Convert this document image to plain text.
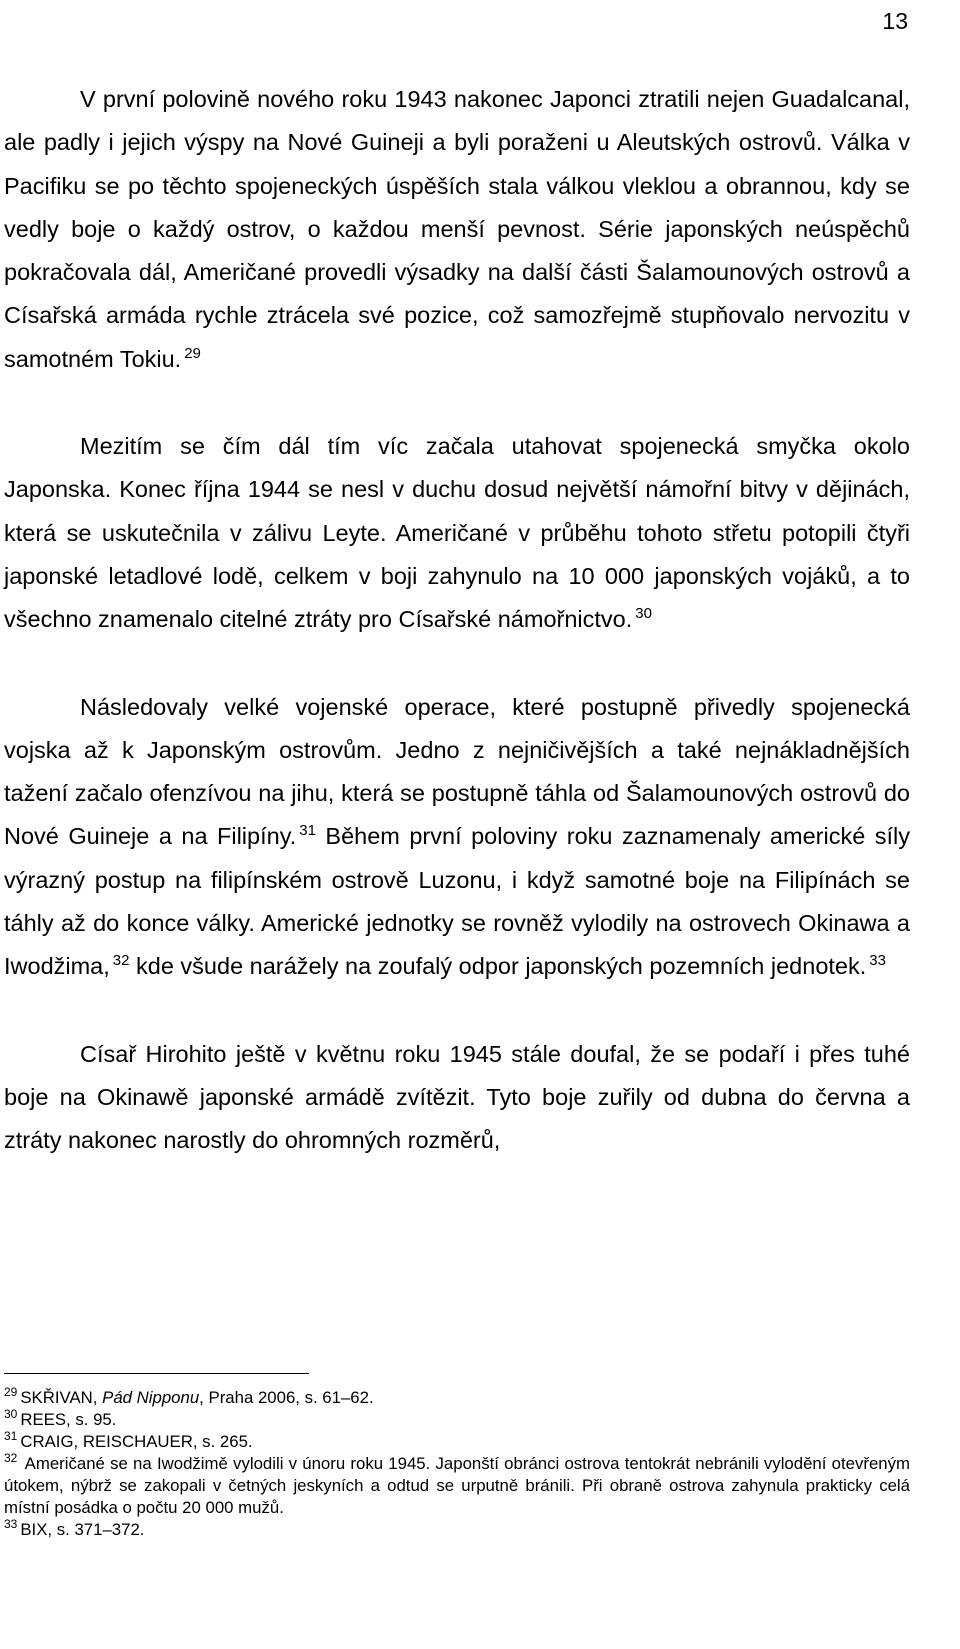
13

V první polovině nového roku 1943 nakonec Japonci ztratili nejen Guadalcanal, ale padly i jejich výspy na Nové Guineji a byli poraženi u Aleutských ostrovů. Válka v Pacifiku se po těchto spojeneckých úspěších stala válkou vleklou a obrannou, kdy se vedly boje o každý ostrov, o každou menší pevnost. Série japonských neúspěchů pokračovala dál, Američané provedli výsadky na další části Šalamounových ostrovů a Císařská armáda rychle ztrácela své pozice, což samozřejmě stupňovalo nervozitu v samotném Tokiu. $^{29}$

Mezitím se čím dál tím víc začala utahovat spojenecká smyčka okolo Japonska. Konec října 1944 se nesl v duchu dosud největší námořní bitvy v dějinách, která se uskutečnila v zálivu Leyte. Američané v průběhu tohoto střetu potopili čtyři japonské letadlové lodě, celkem v boji zahynulo na 10 000 japonských vojáků, a to všechno znamenalo citelné ztráty pro Císařské námořnictvo. $^{30}$

Následovaly velké vojenské operace, které postupně přivedly spojenecká vojska až k Japonským ostrovům. Jedno z nejničivějších a také nejnákladnějších tažení začalo ofenzívou na jihu, která se postupně táhla od Šalamounových ostrovů do Nové Guineje a na Filipíny. $^{31}$ Během první poloviny roku zaznamenaly americké síly výrazný postup na filipínském ostrově Luzonu, i když samotné boje na Filipínách se táhly až do konce války. Americké jednotky se rovněž vylodily na ostrovech Okinawa a Iwodžima, $^{32}$ kde všude narážely na zoufalý odpor japonských pozemních jednotek. $^{33}$

Císař Hirohito ještě v květnu roku 1945 stále doufal, že se podaří i přes tuhé boje na Okinawě japonské armádě zvítězit. Tyto boje zuřily od dubna do června a ztráty nakonec narostly do ohromných rozměrů,

$^{29}$ SKŘIVAN, Pád Nipponu, Praha 2006, s. 61–62.
$^{30}$ REES, s. 95.
$^{31}$ CRAIG, REISCHAUER, s. 265.
$^{32}$ Američané se na Iwodžimě vylodili v únoru roku 1945. Japonští obránci ostrova tentokrát nebránili vylodění otevřeným útokem, nýbrž se zakopali v četných jeskyních a odtud se urputně bránili. Při obraně ostrova zahynula prakticky celá místní posádka o počtu 20 000 mužů.
$^{33}$ BIX, s. 371–372.
